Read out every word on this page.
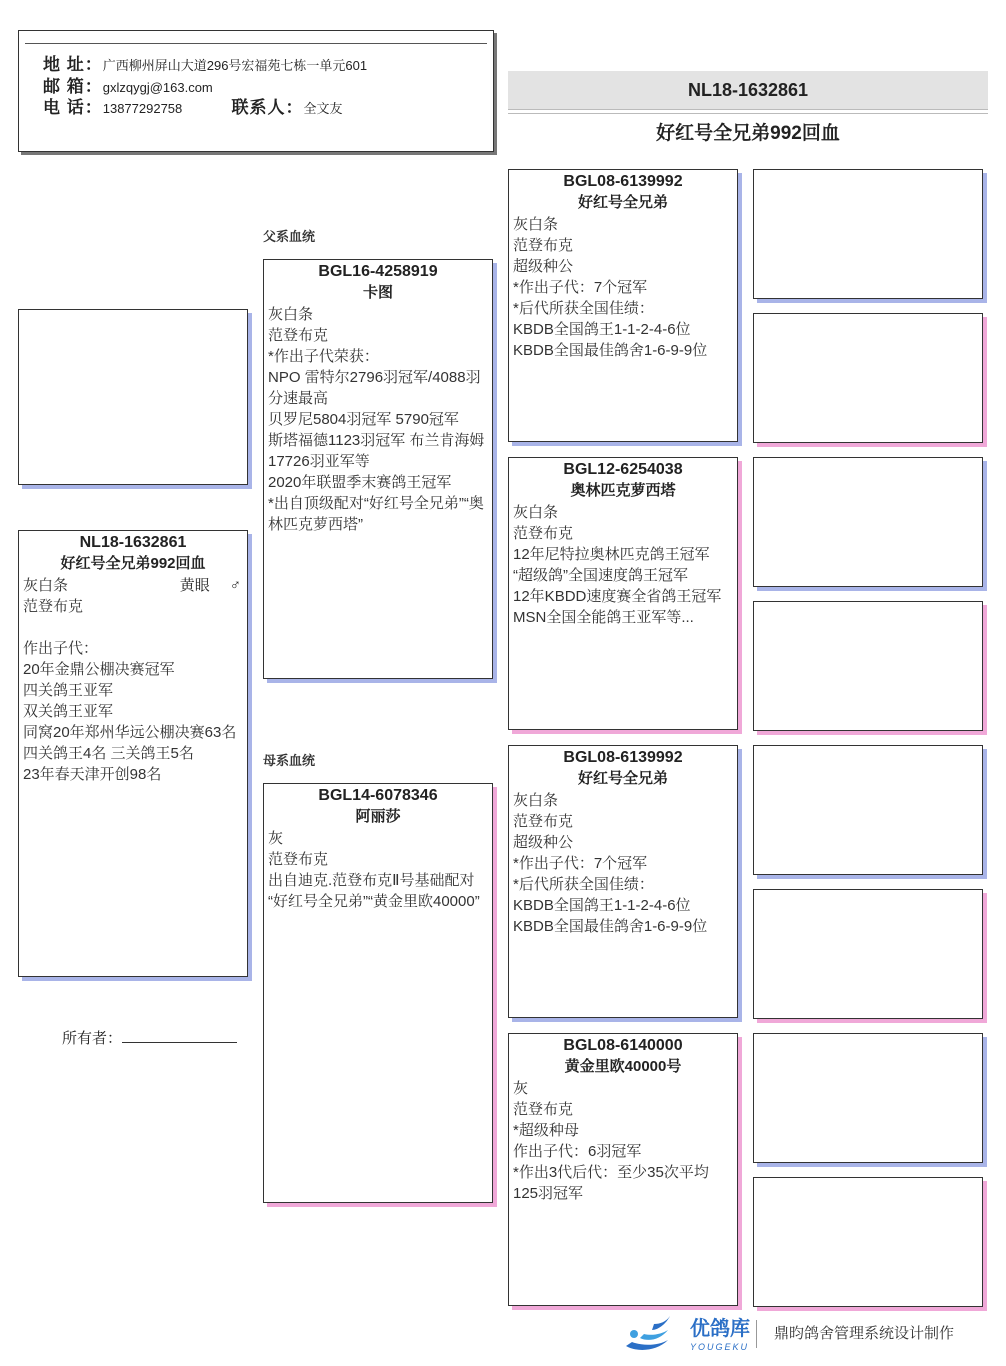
地 址：广西柳州屏山大道296号宏福苑七栋一单元601
邮 箱：gxlzqygj@163.com
电 话：13877292758	联系人：全文友
NL18-1632861
好红号全兄弟992回血
父系血统
母系血统
NL18-1632861
好红号全兄弟992回血
黄眼 ♂
灰白条
范登布克
作出子代：
20年金鼎公棚决赛冠军
四关鸽王亚军
双关鸽王亚军
同窝20年郑州华远公棚决赛63名
四关鸽王4名 三关鸽王5名
23年春天津开创98名
所有者：
BGL16-4258919
卡图
灰白条
范登布克
*作出子代荣获：
NPO 雷特尔2796羽冠军/4088羽分速最高
贝罗尼5804羽冠军 5790冠军
斯塔福德1123羽冠军 布兰肯海姆17726羽亚军等
2020年联盟季末赛鸽王冠军
*出自顶级配对“好红号全兄弟”“奥林匹克萝西塔”
BGL14-6078346
阿丽莎
灰
范登布克
出自迪克.范登布克Ⅱ号基础配对
“好红号全兄弟”“黄金里欧40000”
BGL08-6139992
好红号全兄弟
灰白条
范登布克
超级种公
*作出子代：7个冠军
*后代所获全国佳绩：
KBDB全国鸽王1-1-2-4-6位
KBDB全国最佳鸽舍1-6-9-9位
BGL12-6254038
奥林匹克萝西塔
灰白条
范登布克
12年尼特拉奥林匹克鸽王冠军
“超级鸽”全国速度鸽王冠军
12年KBDD速度赛全省鸽王冠军
MSN全国全能鸽王亚军等...
BGL08-6139992
好红号全兄弟
灰白条
范登布克
超级种公
*作出子代：7个冠军
*后代所获全国佳绩：
KBDB全国鸽王1-1-2-4-6位
KBDB全国最佳鸽舍1-6-9-9位
BGL08-6140000
黄金里欧40000号
灰
范登布克
*超级种母
作出子代：6羽冠军
*作出3代后代：至少35次平均125羽冠军
优鸽库
YOUGEKU
鼎昀鸽舍管理系统设计制作
